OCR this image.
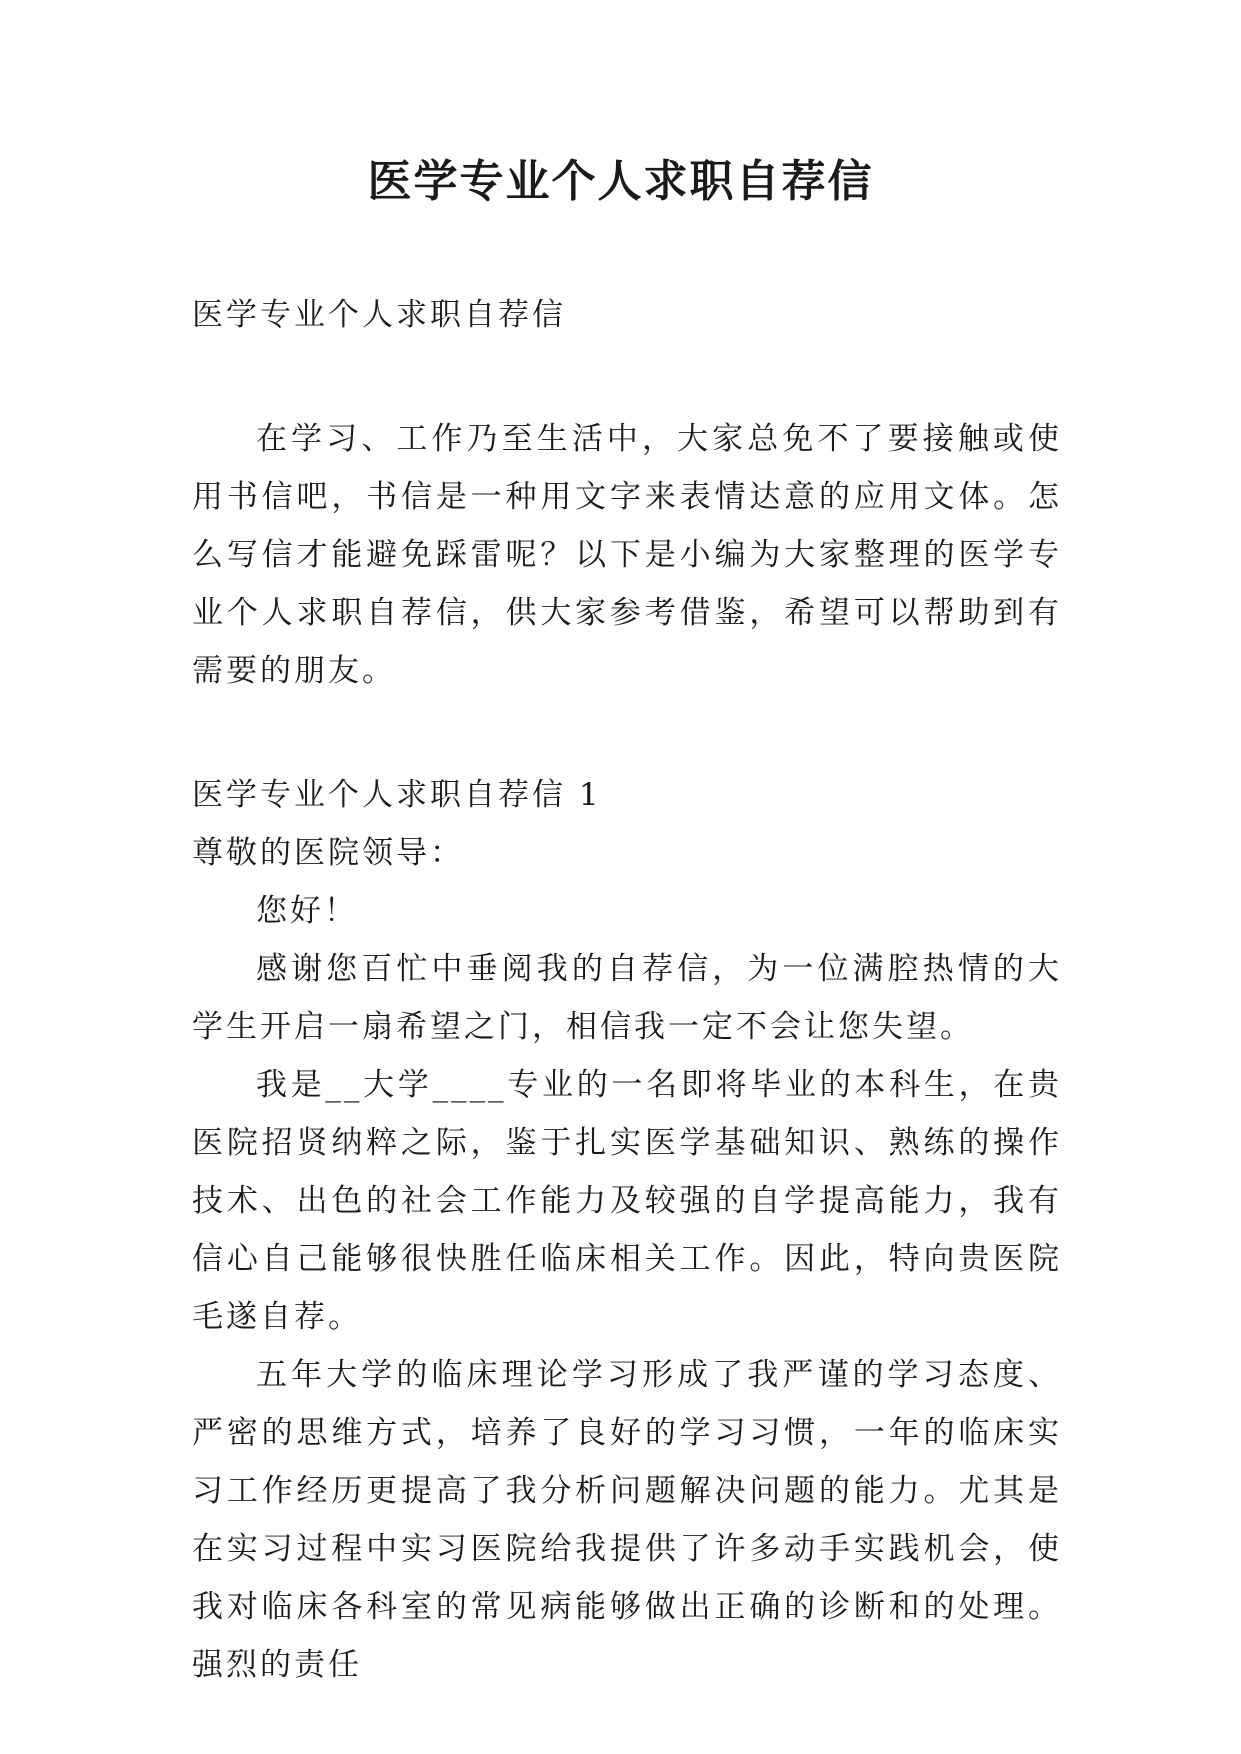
医学专业个人求职自荐信

医学专业个人求职自荐信

在学习、工作乃至生活中，大家总免不了要接触或使用书信吧，书信是一种用文字来表情达意的应用文体。怎么写信才能避免踩雷呢？以下是小编为大家整理的医学专业个人求职自荐信，供大家参考借鉴，希望可以帮助到有需要的朋友。

医学专业个人求职自荐信 1

尊敬的医院领导：

您好！

感谢您百忙中垂阅我的自荐信，为一位满腔热情的大学生开启一扇希望之门，相信我一定不会让您失望。

我是__大学____专业的一名即将毕业的本科生，在贵医院招贤纳粹之际，鉴于扎实医学基础知识、熟练的操作技术、出色的社会工作能力及较强的自学提高能力，我有信心自己能够很快胜任临床相关工作。因此，特向贵医院毛遂自荐。

五年大学的临床理论学习形成了我严谨的学习态度、严密的思维方式，培养了良好的学习习惯，一年的临床实习工作经历更提高了我分析问题解决问题的能力。尤其是在实习过程中实习医院给我提供了许多动手实践机会，使我对临床各科室的常见病能够做出正确的诊断和的处理。强烈的责任
